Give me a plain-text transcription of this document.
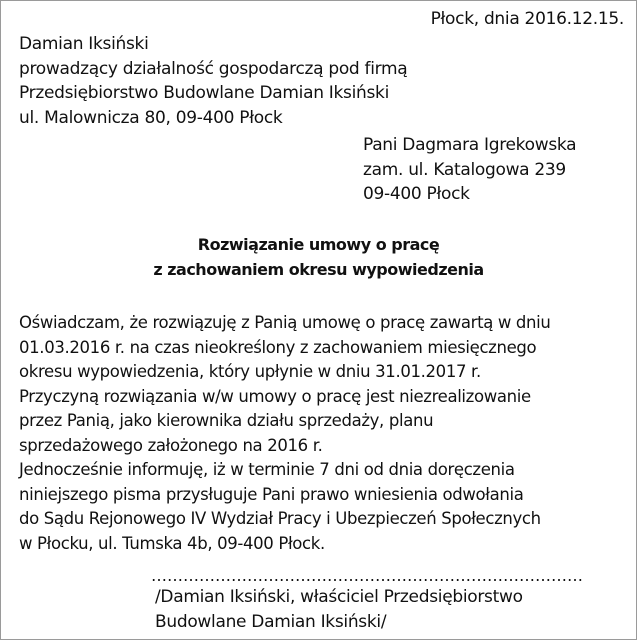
Płock, dnia 2016.12.15.
Damian Iksiński
prowadzący działalność gospodarczą pod firmą
Przedsiębiorstwo Budowlane Damian Iksiński
ul. Malownicza 80, 09-400 Płock
Pani Dagmara Igrekowska
zam. ul. Katalogowa 239
09-400 Płock
Rozwiązanie umowy o pracę
z zachowaniem okresu wypowiedzenia
Oświadczam, że rozwiązuję z Panią umowę o pracę zawartą w dniu
01.03.2016 r. na czas nieokreślony z zachowaniem miesięcznego
okresu wypowiedzenia, który upłynie w dniu 31.01.2017 r.
Przyczyną rozwiązania w/w umowy o pracę jest niezrealizowanie
przez Panią, jako kierownika działu sprzedaży, planu
sprzedażowego założonego na 2016 r.
Jednocześnie informuję, iż w terminie 7 dni od dnia doręczenia
niniejszego pisma przysługuje Pani prawo wniesienia odwołania
do Sądu Rejonowego IV Wydział Pracy i Ubezpieczeń Społecznych
w Płocku, ul. Tumska 4b, 09-400 Płock.
………………………………………………………………………
/Damian Iksiński, właściciel Przedsiębiorstwo
Budowlane Damian Iksiński/
